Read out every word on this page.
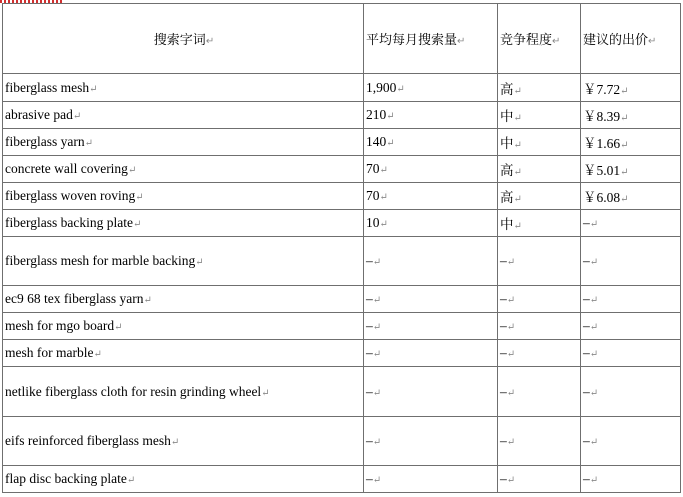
搜索字词 ↵	平均每月搜索量 ↵	竞争程度 ↵	建议的出价 ↵
fiberglass mesh ↵	1,900 ↵	高 ↵	￥7.72 ↵
abrasive pad ↵	210 ↵	中 ↵	￥8.39 ↵
fiberglass yarn ↵	140 ↵	中 ↵	￥1.66 ↵
concrete wall covering ↵	70 ↵	高 ↵	￥5.01 ↵
fiberglass woven roving ↵	70 ↵	高 ↵	￥6.08 ↵
fiberglass backing plate ↵	10 ↵	中 ↵	– ↵
fiberglass mesh for marble backing ↵	– ↵	– ↵	– ↵
ec9 68 tex fiberglass yarn ↵	– ↵	– ↵	– ↵
mesh for mgo board ↵	– ↵	– ↵	– ↵
mesh for marble ↵	– ↵	– ↵	– ↵
netlike fiberglass cloth for resin grinding wheel ↵	– ↵	– ↵	– ↵
eifs reinforced fiberglass mesh ↵	– ↵	– ↵	– ↵
flap disc backing plate ↵	– ↵	– ↵	– ↵
